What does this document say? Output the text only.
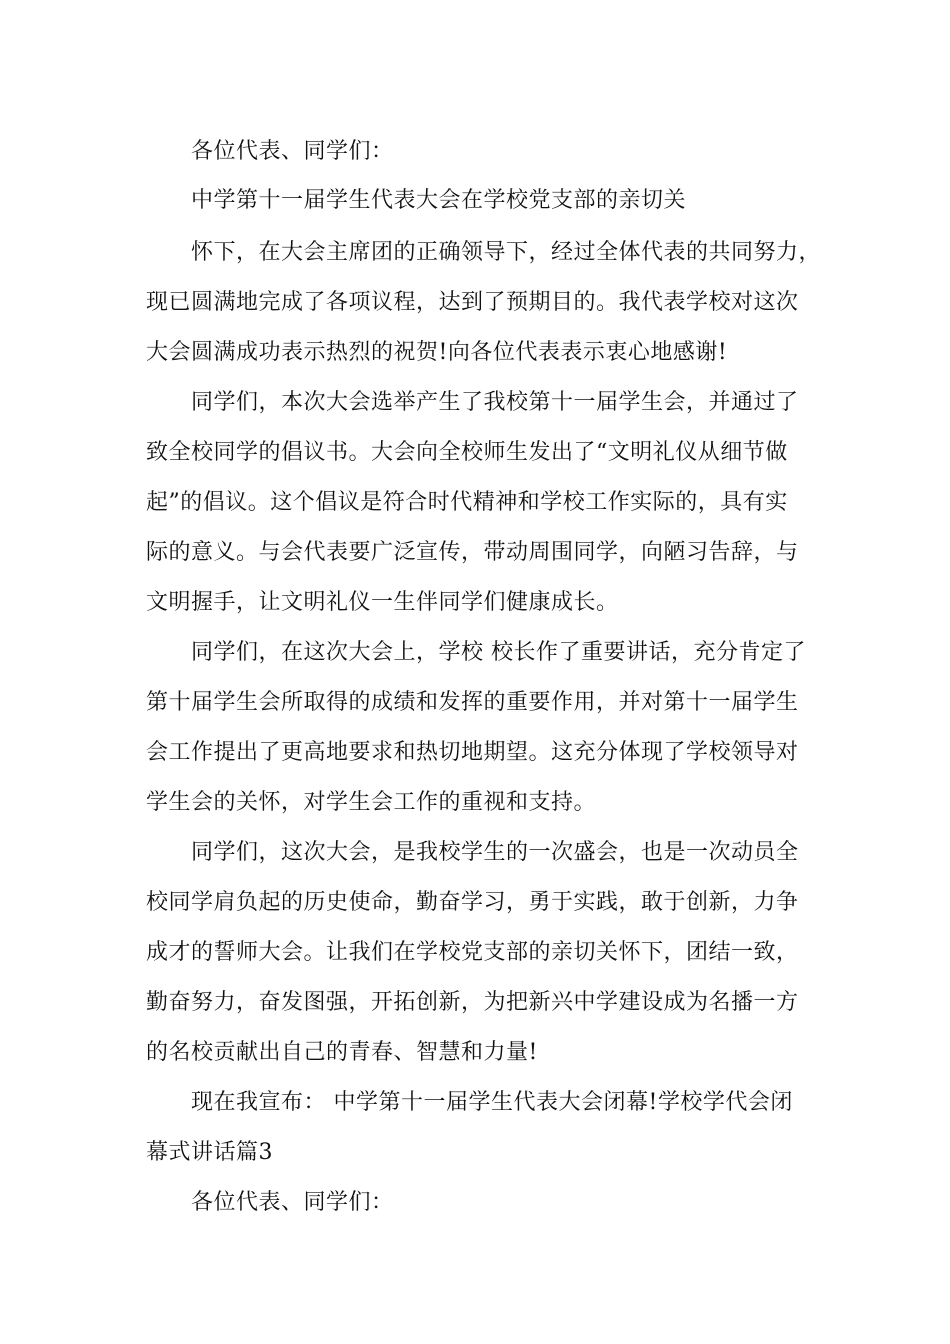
各位代表、同学们：
中学第十一届学生代表大会在学校党支部的亲切关
怀下，在大会主席团的正确领导下，经过全体代表的共同努力，
现已圆满地完成了各项议程，达到了预期目的。我代表学校对这次
大会圆满成功表示热烈的祝贺!向各位代表表示衷心地感谢!
同学们，本次大会选举产生了我校第十一届学生会，并通过了
致全校同学的倡议书。大会向全校师生发出了“文明礼仪从细节做
起”的倡议。这个倡议是符合时代精神和学校工作实际的，具有实
际的意义。与会代表要广泛宣传，带动周围同学，向陋习告辞，与
文明握手，让文明礼仪一生伴同学们健康成长。
同学们，在这次大会上，学校 校长作了重要讲话，充分肯定了
第十届学生会所取得的成绩和发挥的重要作用，并对第十一届学生
会工作提出了更高地要求和热切地期望。这充分体现了学校领导对
学生会的关怀，对学生会工作的重视和支持。
同学们，这次大会，是我校学生的一次盛会，也是一次动员全
校同学肩负起的历史使命，勤奋学习，勇于实践，敢于创新，力争
成才的誓师大会。让我们在学校党支部的亲切关怀下，团结一致，
勤奋努力，奋发图强，开拓创新，为把新兴中学建设成为名播一方
的名校贡献出自己的青春、智慧和力量!
现在我宣布： 中学第十一届学生代表大会闭幕!学校学代会闭
幕式讲话篇3
各位代表、同学们：
